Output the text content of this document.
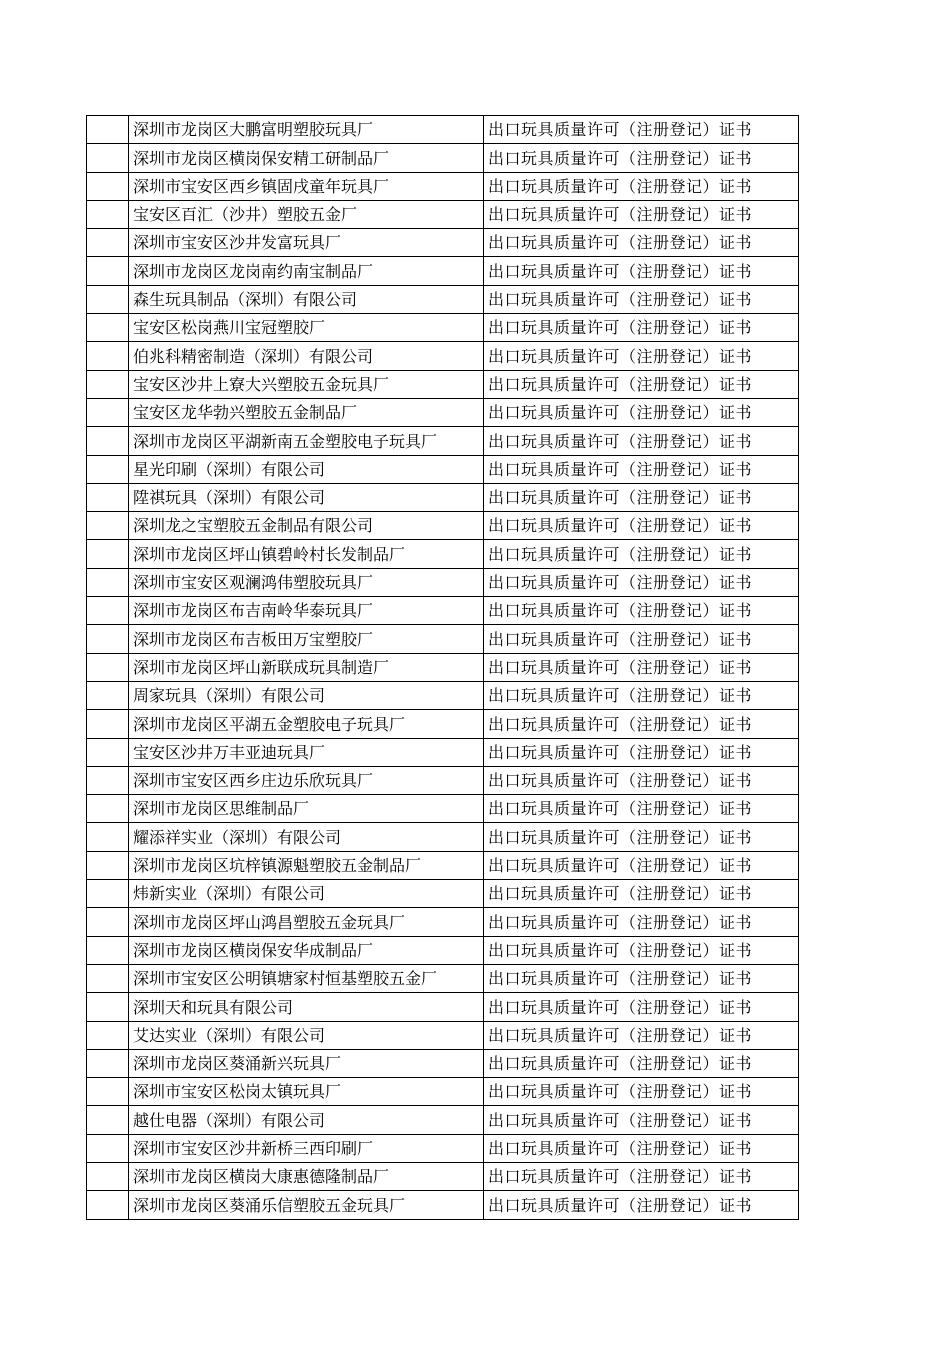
	深圳市龙岗区大鹏富明塑胶玩具厂	出口玩具质量许可（注册登记）证书
	深圳市龙岗区横岗保安精工研制品厂	出口玩具质量许可（注册登记）证书
	深圳市宝安区西乡镇固戌童年玩具厂	出口玩具质量许可（注册登记）证书
	宝安区百汇（沙井）塑胶五金厂	出口玩具质量许可（注册登记）证书
	深圳市宝安区沙井发富玩具厂	出口玩具质量许可（注册登记）证书
	深圳市龙岗区龙岗南约南宝制品厂	出口玩具质量许可（注册登记）证书
	森生玩具制品（深圳）有限公司	出口玩具质量许可（注册登记）证书
	宝安区松岗燕川宝冠塑胶厂	出口玩具质量许可（注册登记）证书
	伯兆科精密制造（深圳）有限公司	出口玩具质量许可（注册登记）证书
	宝安区沙井上寮大兴塑胶五金玩具厂	出口玩具质量许可（注册登记）证书
	宝安区龙华勃兴塑胶五金制品厂	出口玩具质量许可（注册登记）证书
	深圳市龙岗区平湖新南五金塑胶电子玩具厂	出口玩具质量许可（注册登记）证书
	星光印刷（深圳）有限公司	出口玩具质量许可（注册登记）证书
	陞祺玩具（深圳）有限公司	出口玩具质量许可（注册登记）证书
	深圳龙之宝塑胶五金制品有限公司	出口玩具质量许可（注册登记）证书
	深圳市龙岗区坪山镇碧岭村长发制品厂	出口玩具质量许可（注册登记）证书
	深圳市宝安区观澜鸿伟塑胶玩具厂	出口玩具质量许可（注册登记）证书
	深圳市龙岗区布吉南岭华泰玩具厂	出口玩具质量许可（注册登记）证书
	深圳市龙岗区布吉板田万宝塑胶厂	出口玩具质量许可（注册登记）证书
	深圳市龙岗区坪山新联成玩具制造厂	出口玩具质量许可（注册登记）证书
	周家玩具（深圳）有限公司	出口玩具质量许可（注册登记）证书
	深圳市龙岗区平湖五金塑胶电子玩具厂	出口玩具质量许可（注册登记）证书
	宝安区沙井万丰亚迪玩具厂	出口玩具质量许可（注册登记）证书
	深圳市宝安区西乡庄边乐欣玩具厂	出口玩具质量许可（注册登记）证书
	深圳市龙岗区思维制品厂	出口玩具质量许可（注册登记）证书
	耀添祥实业（深圳）有限公司	出口玩具质量许可（注册登记）证书
	深圳市龙岗区坑梓镇源魁塑胶五金制品厂	出口玩具质量许可（注册登记）证书
	炜新实业（深圳）有限公司	出口玩具质量许可（注册登记）证书
	深圳市龙岗区坪山鸿昌塑胶五金玩具厂	出口玩具质量许可（注册登记）证书
	深圳市龙岗区横岗保安华成制品厂	出口玩具质量许可（注册登记）证书
	深圳市宝安区公明镇塘家村恒基塑胶五金厂	出口玩具质量许可（注册登记）证书
	深圳天和玩具有限公司	出口玩具质量许可（注册登记）证书
	艾达实业（深圳）有限公司	出口玩具质量许可（注册登记）证书
	深圳市龙岗区葵涌新兴玩具厂	出口玩具质量许可（注册登记）证书
	深圳市宝安区松岗太镇玩具厂	出口玩具质量许可（注册登记）证书
	越仕电器（深圳）有限公司	出口玩具质量许可（注册登记）证书
	深圳市宝安区沙井新桥三西印刷厂	出口玩具质量许可（注册登记）证书
	深圳市龙岗区横岗大康惠德隆制品厂	出口玩具质量许可（注册登记）证书
	深圳市龙岗区葵涌乐信塑胶五金玩具厂	出口玩具质量许可（注册登记）证书
